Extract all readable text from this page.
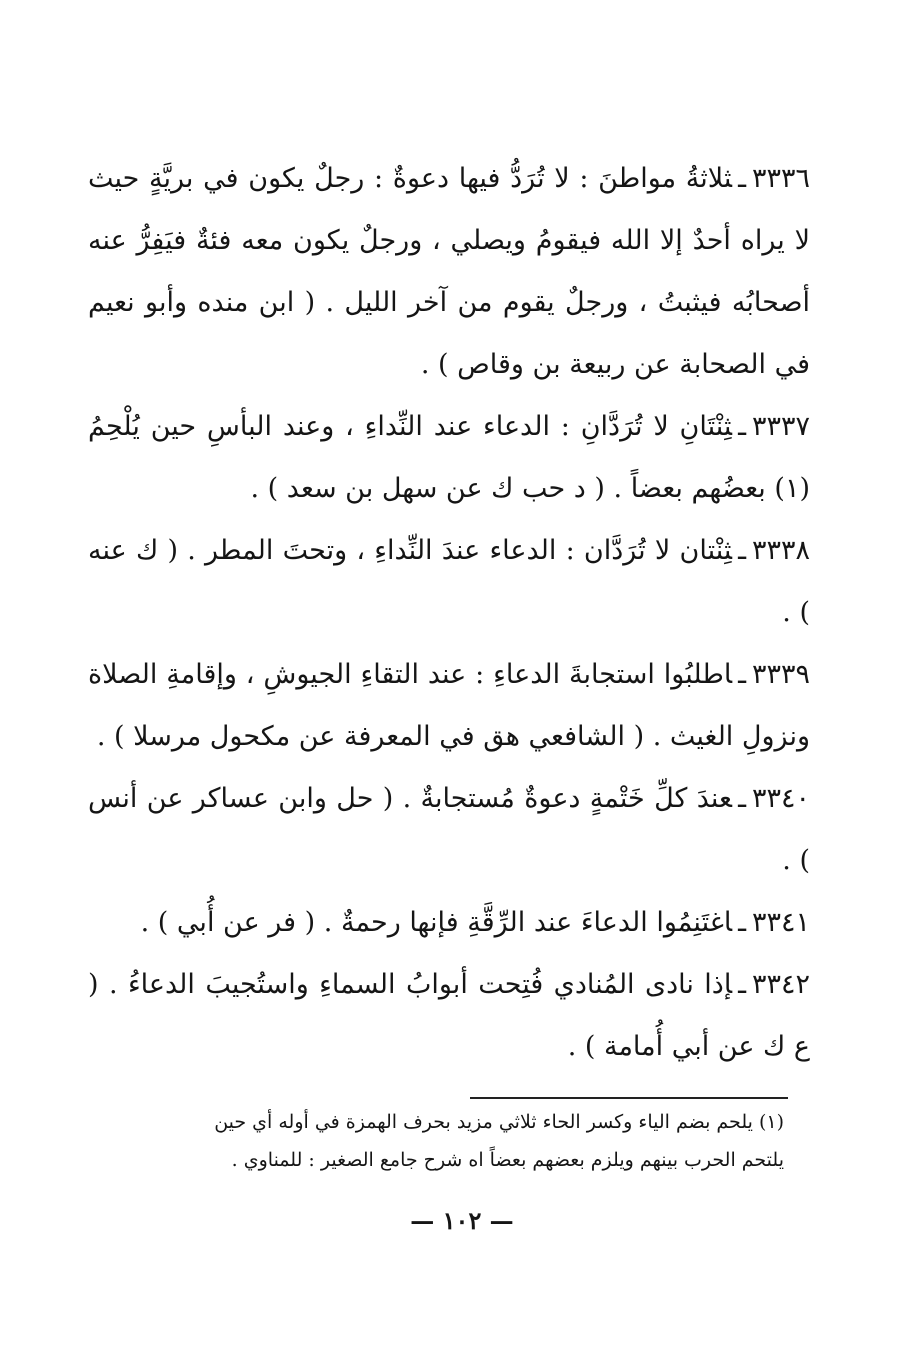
٣٣٣٦ـثلاثةُ مواطنَ : لا تُرَدُّ فيها دعوةٌ : رجلٌ يكون في بريَّةٍ حيث لا يراه أحدٌ إلا الله فيقومُ ويصلي ، ورجلٌ يكون معه فئةٌ فيَفِرُّ عنه أصحابُه فيثبتُ ، ورجلٌ يقوم من آخر الليل . ( ابن منده وأبو نعيم في الصحابة عن ربيعة بن وقاص ) .

٣٣٣٧ـثِنْتَانِ لا تُرَدَّانِ : الدعاء عند النِّداءِ ، وعند البأسِ حين يُلْحِمُ (١) بعضُهم بعضاً . ( د حب ك عن سهل بن سعد ) .

٣٣٣٨ـثِنْتان لا تُرَدَّان : الدعاء عندَ النِّداءِ ، وتحتَ المطر . ( ك عنه ) .

٣٣٣٩ـاطلبُوا استجابةَ الدعاءِ : عند التقاءِ الجيوشِ ، وإقامةِ الصلاة ونزولِ الغيث . ( الشافعي هق في المعرفة عن مكحول مرسلا ) .

٣٣٤٠ـعندَ كلِّ خَتْمةٍ دعوةٌ مُستجابةٌ . ( حل وابن عساكر عن أنس ) .

٣٣٤١ـاغتَنِمُوا الدعاءَ عند الرِّقَّةِ فإنها رحمةٌ . ( فر عن أُبي ) .

٣٣٤٢ـإذا نادى المُنادي فُتِحت أبوابُ السماءِ واستُجيبَ الدعاءُ . ( ع ك عن أبي أُمامة ) .

(١) يلحم بضم الياء وكسر الحاء ثلاثي مزيد بحرف الهمزة في أوله أي حين

يلتحم الحرب بينهم ويلزم بعضهم بعضاً اه شرح جامع الصغير : للمناوي .

— ١٠٢ —
